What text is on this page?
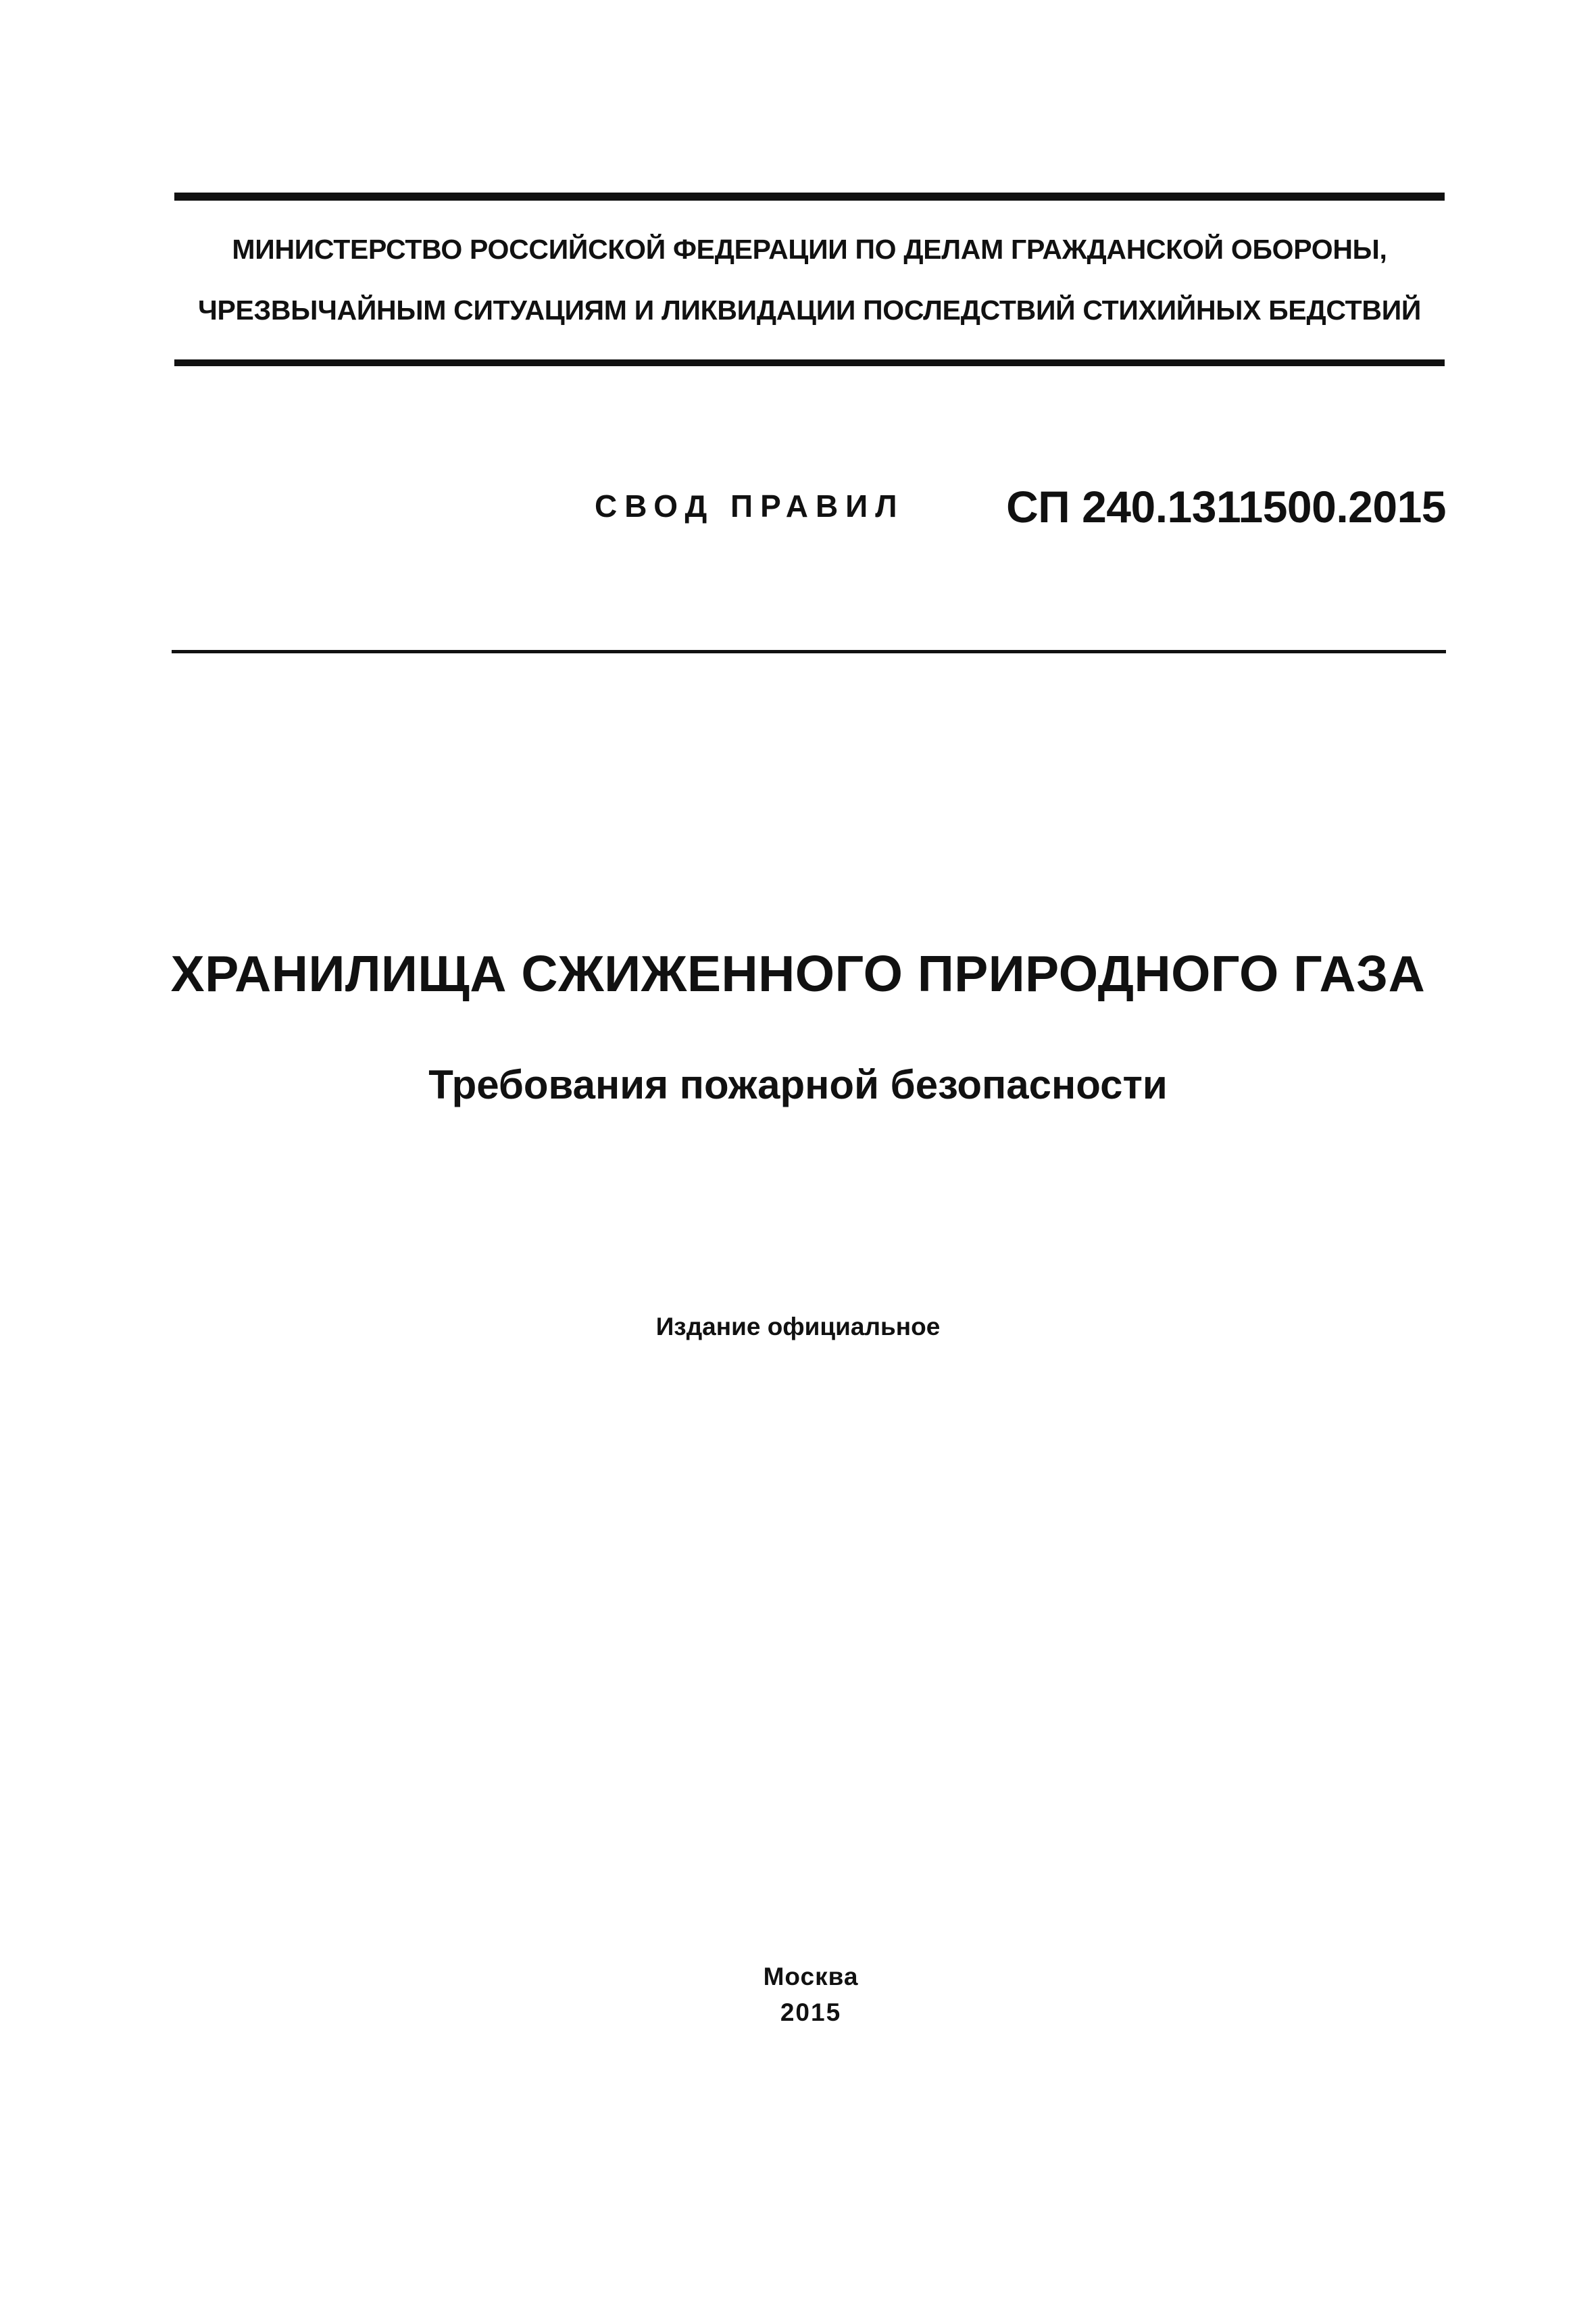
МИНИСТЕРСТВО РОССИЙСКОЙ ФЕДЕРАЦИИ ПО ДЕЛАМ ГРАЖДАНСКОЙ ОБОРОНЫ,
ЧРЕЗВЫЧАЙНЫМ СИТУАЦИЯМ И ЛИКВИДАЦИИ ПОСЛЕДСТВИЙ СТИХИЙНЫХ БЕДСТВИЙ
СВОД ПРАВИЛ СП 240.1311500.2015
ХРАНИЛИЩА СЖИЖЕННОГО ПРИРОДНОГО ГАЗА
Требования пожарной безопасности
Издание официальное
Москва
2015
